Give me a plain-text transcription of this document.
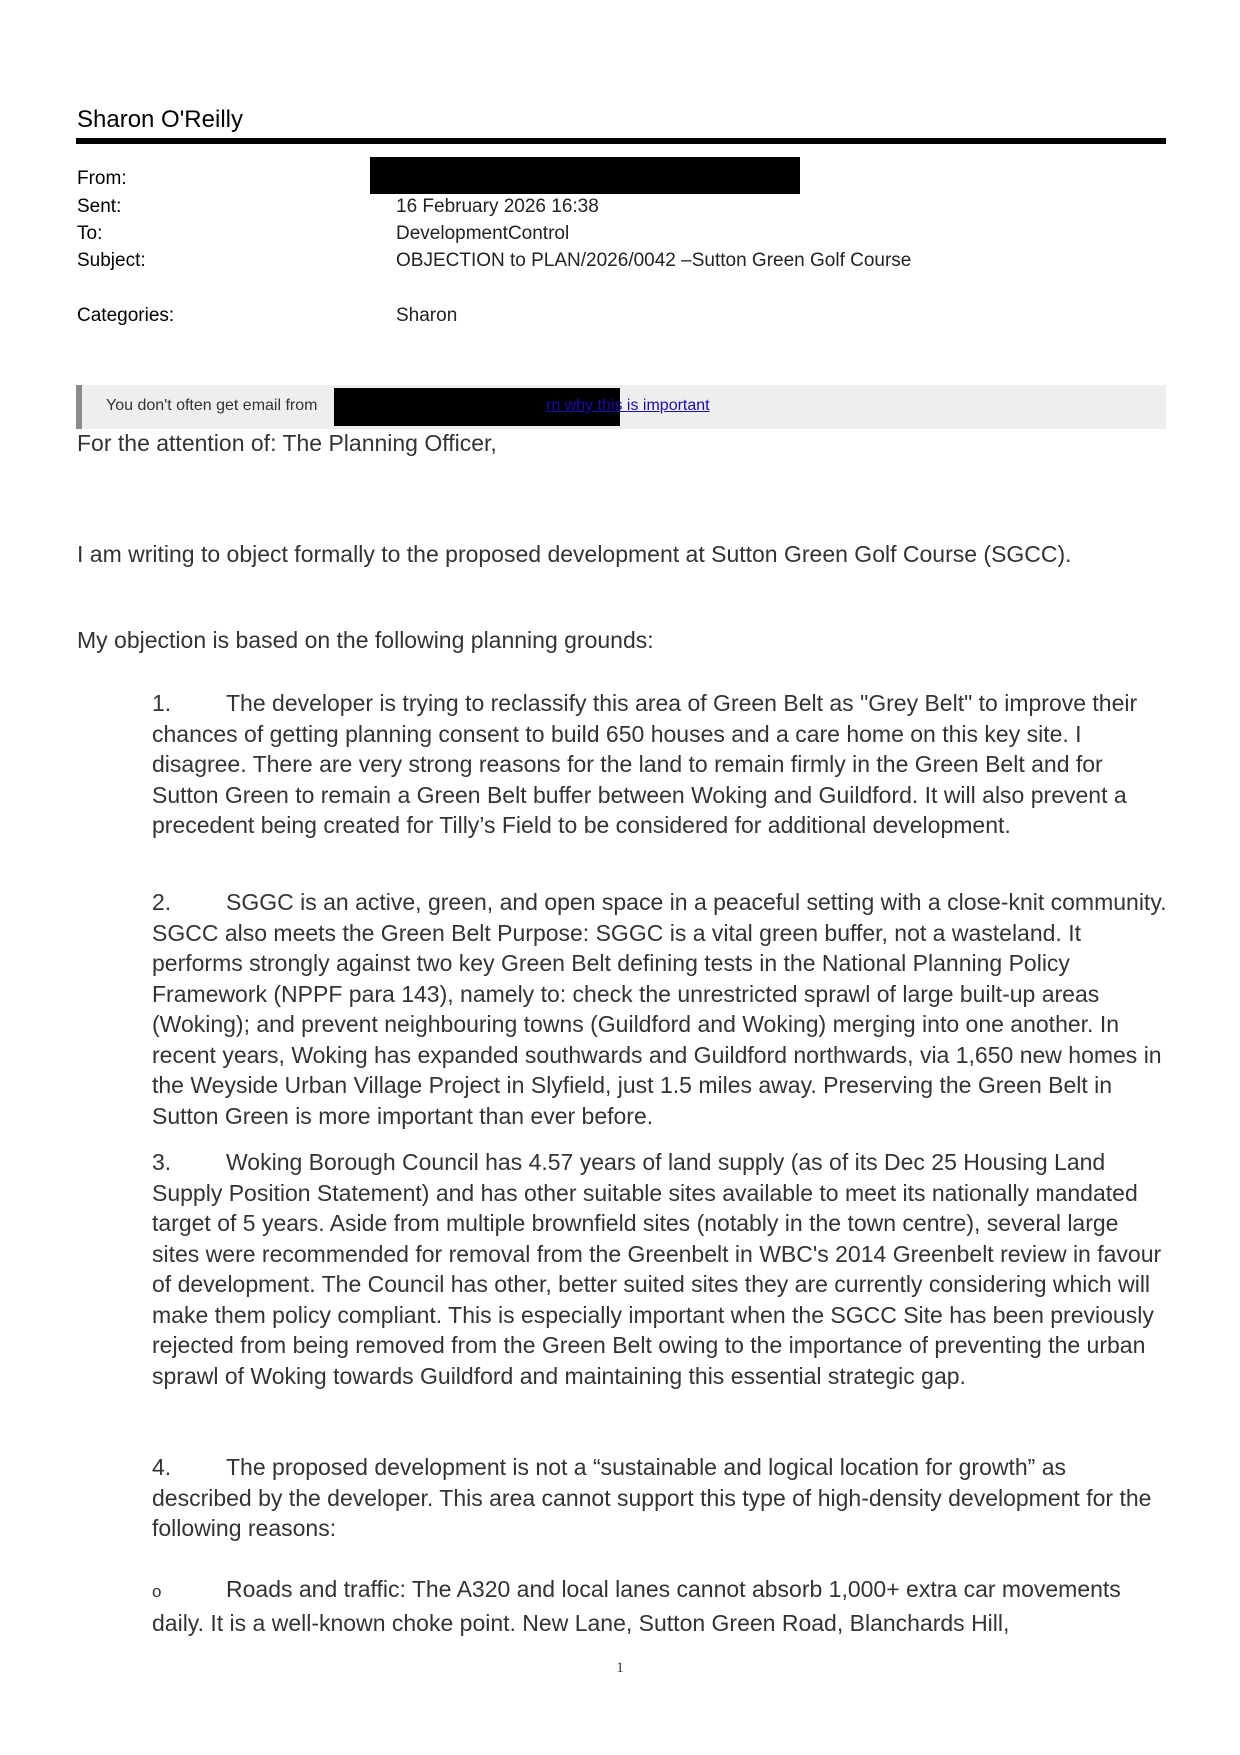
Sharon O'Reilly
From:
Sent:	16 February 2026 16:38
To:	DevelopmentControl
Subject:	OBJECTION to PLAN/2026/0042 –Sutton Green Golf Course
Categories:	Sharon
You don't often get email from	rn why this is important
For the attention of: The Planning Officer,
I am writing to object formally to the proposed development at Sutton Green Golf Course (SGCC).
My objection is based on the following planning grounds:
1. The developer is trying to reclassify this area of Green Belt as "Grey Belt" to improve their chances of getting planning consent to build 650 houses and a care home on this key site. I disagree. There are very strong reasons for the land to remain firmly in the Green Belt and for Sutton Green to remain a Green Belt buffer between Woking and Guildford. It will also prevent a precedent being created for Tilly’s Field to be considered for additional development.
2. SGGC is an active, green, and open space in a peaceful setting with a close-knit community. SGCC also meets the Green Belt Purpose: SGGC is a vital green buffer, not a wasteland. It performs strongly against two key Green Belt defining tests in the National Planning Policy Framework (NPPF para 143), namely to: check the unrestricted sprawl of large built-up areas (Woking); and prevent neighbouring towns (Guildford and Woking) merging into one another. In recent years, Woking has expanded southwards and Guildford northwards, via 1,650 new homes in the Weyside Urban Village Project in Slyfield, just 1.5 miles away. Preserving the Green Belt in Sutton Green is more important than ever before.
3. Woking Borough Council has 4.57 years of land supply (as of its Dec 25 Housing Land Supply Position Statement) and has other suitable sites available to meet its nationally mandated target of 5 years. Aside from multiple brownfield sites (notably in the town centre), several large sites were recommended for removal from the Greenbelt in WBC's 2014 Greenbelt review in favour of development. The Council has other, better suited sites they are currently considering which will make them policy compliant. This is especially important when the SGCC Site has been previously rejected from being removed from the Green Belt owing to the importance of preventing the urban sprawl of Woking towards Guildford and maintaining this essential strategic gap.
4. The proposed development is not a “sustainable and logical location for growth” as described by the developer. This area cannot support this type of high-density development for the following reasons:
o	Roads and traffic: The A320 and local lanes cannot absorb 1,000+ extra car movements daily. It is a well-known choke point. New Lane, Sutton Green Road, Blanchards Hill,
1
